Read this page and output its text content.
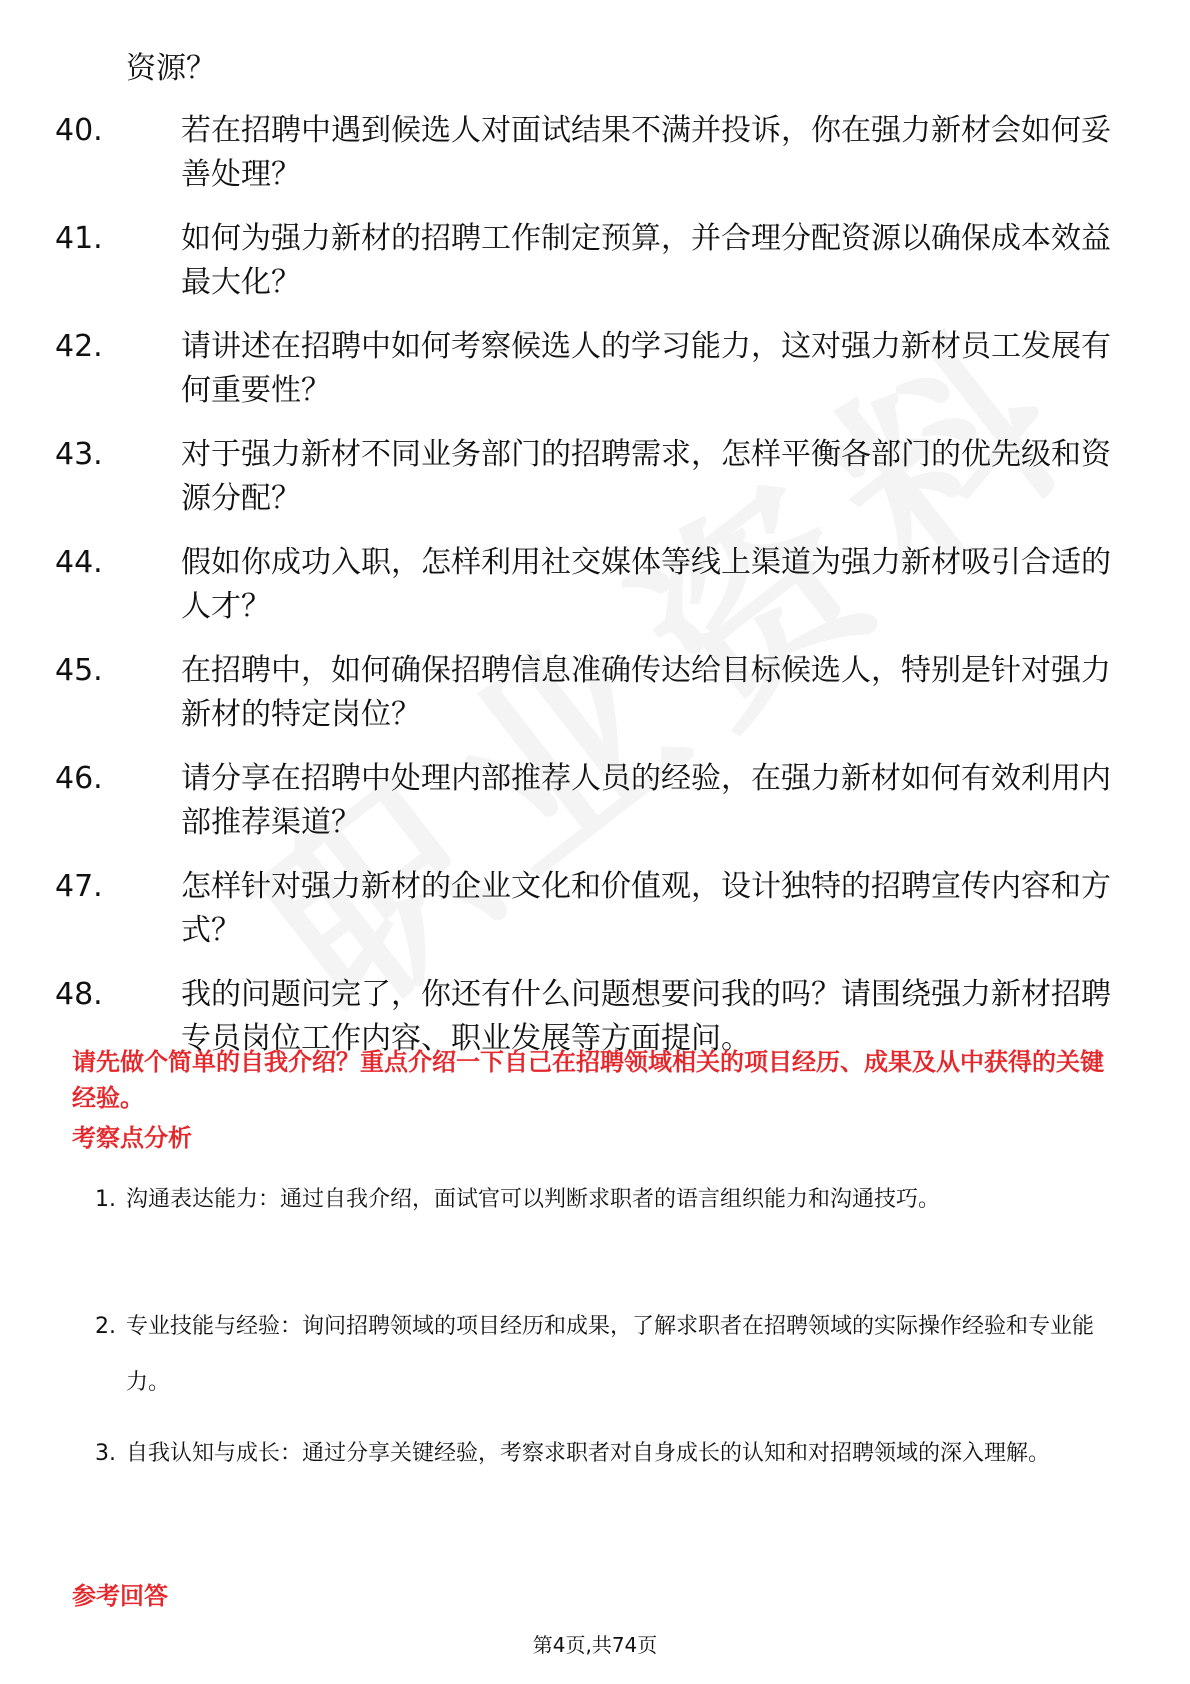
资源？
40.	若在招聘中遇到候选人对面试结果不满并投诉，你在强力新材会如何妥善处理？
41.	如何为强力新材的招聘工作制定预算，并合理分配资源以确保成本效益最大化？
42.	请讲述在招聘中如何考察候选人的学习能力，这对强力新材员工发展有何重要性？
43.	对于强力新材不同业务部门的招聘需求，怎样平衡各部门的优先级和资源分配？
44.	假如你成功入职，怎样利用社交媒体等线上渠道为强力新材吸引合适的人才？
45.	在招聘中，如何确保招聘信息准确传达给目标候选人，特别是针对强力新材的特定岗位？
46.	请分享在招聘中处理内部推荐人员的经验，在强力新材如何有效利用内部推荐渠道？
47.	怎样针对强力新材的企业文化和价值观，设计独特的招聘宣传内容和方式？
48.	我的问题问完了，你还有什么问题想要问我的吗？请围绕强力新材招聘专员岗位工作内容、职业发展等方面提问。
请先做个简单的自我介绍？重点介绍一下自己在招聘领域相关的项目经历、成果及从中获得的关键经验。
考察点分析
1. 沟通表达能力：通过自我介绍，面试官可以判断求职者的语言组织能力和沟通技巧。
2. 专业技能与经验：询问招聘领域的项目经历和成果，了解求职者在招聘领域的实际操作经验和专业能力。
3. 自我认知与成长：通过分享关键经验，考察求职者对自身成长的认知和对招聘领域的深入理解。
参考回答
第4页,共74页
